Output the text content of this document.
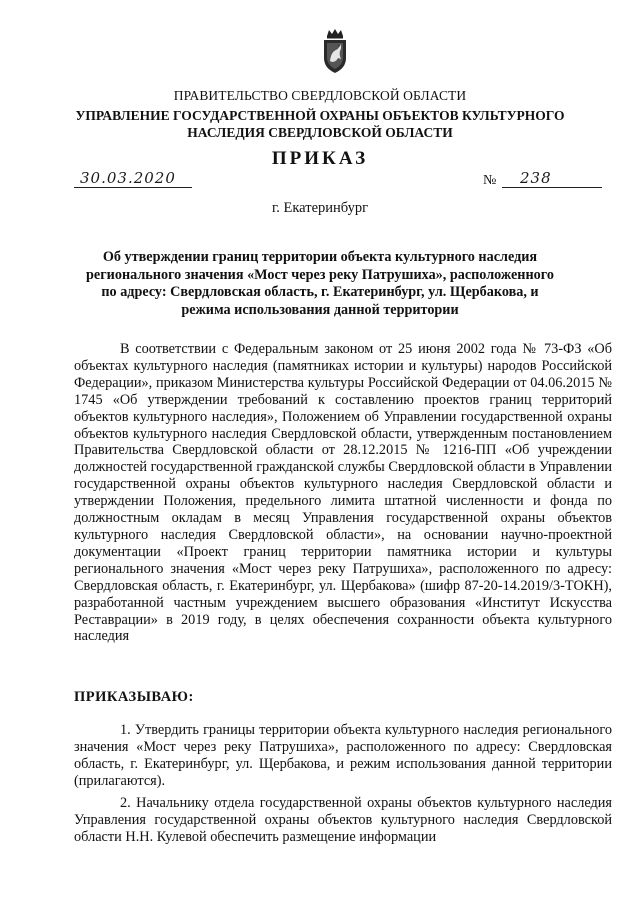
ПРАВИТЕЛЬСТВО СВЕРДЛОВСКОЙ ОБЛАСТИ
УПРАВЛЕНИЕ ГОСУДАРСТВЕННОЙ ОХРАНЫ ОБЪЕКТОВ КУЛЬТУРНОГО НАСЛЕДИЯ СВЕРДЛОВСКОЙ ОБЛАСТИ
ПРИКАЗ
30.03.2020	№ 238
г. Екатеринбург
Об утверждении границ территории объекта культурного наследия регионального значения «Мост через реку Патрушиха», расположенного по адресу: Свердловская область, г. Екатеринбург, ул. Щербакова, и режима использования данной территории

В соответствии с Федеральным законом от 25 июня 2002 года № 73-ФЗ «Об объектах культурного наследия (памятниках истории и культуры) народов Российской Федерации», приказом Министерства культуры Российской Федерации от 04.06.2015 № 1745 «Об утверждении требований к составлению проектов границ территорий объектов культурного наследия», Положением об Управлении государственной охраны объектов культурного наследия Свердловской области, утвержденным постановлением Правительства Свердловской области от 28.12.2015 № 1216-ПП «Об учреждении должностей государственной гражданской службы Свердловской области в Управлении государственной охраны объектов культурного наследия Свердловской области и утверждении Положения, предельного лимита штатной численности и фонда по должностным окладам в месяц Управления государственной охраны объектов культурного наследия Свердловской области», на основании научно-проектной документации «Проект границ территории памятника истории и культуры регионального значения «Мост через реку Патрушиха», расположенного по адресу: Свердловская область, г. Екатеринбург, ул. Щербакова» (шифр 87-20-14.2019/3-ТОКН), разработанной частным учреждением высшего образования «Институт Искусства Реставрации» в 2019 году, в целях обеспечения сохранности объекта культурного наследия

ПРИКАЗЫВАЮ:

1. Утвердить границы территории объекта культурного наследия регионального значения «Мост через реку Патрушиха», расположенного по адресу: Свердловская область, г. Екатеринбург, ул. Щербакова, и режим использования данной территории (прилагаются).

2. Начальнику отдела государственной охраны объектов культурного наследия Управления государственной охраны объектов культурного наследия Свердловской области Н.Н. Кулевой обеспечить размещение информации
